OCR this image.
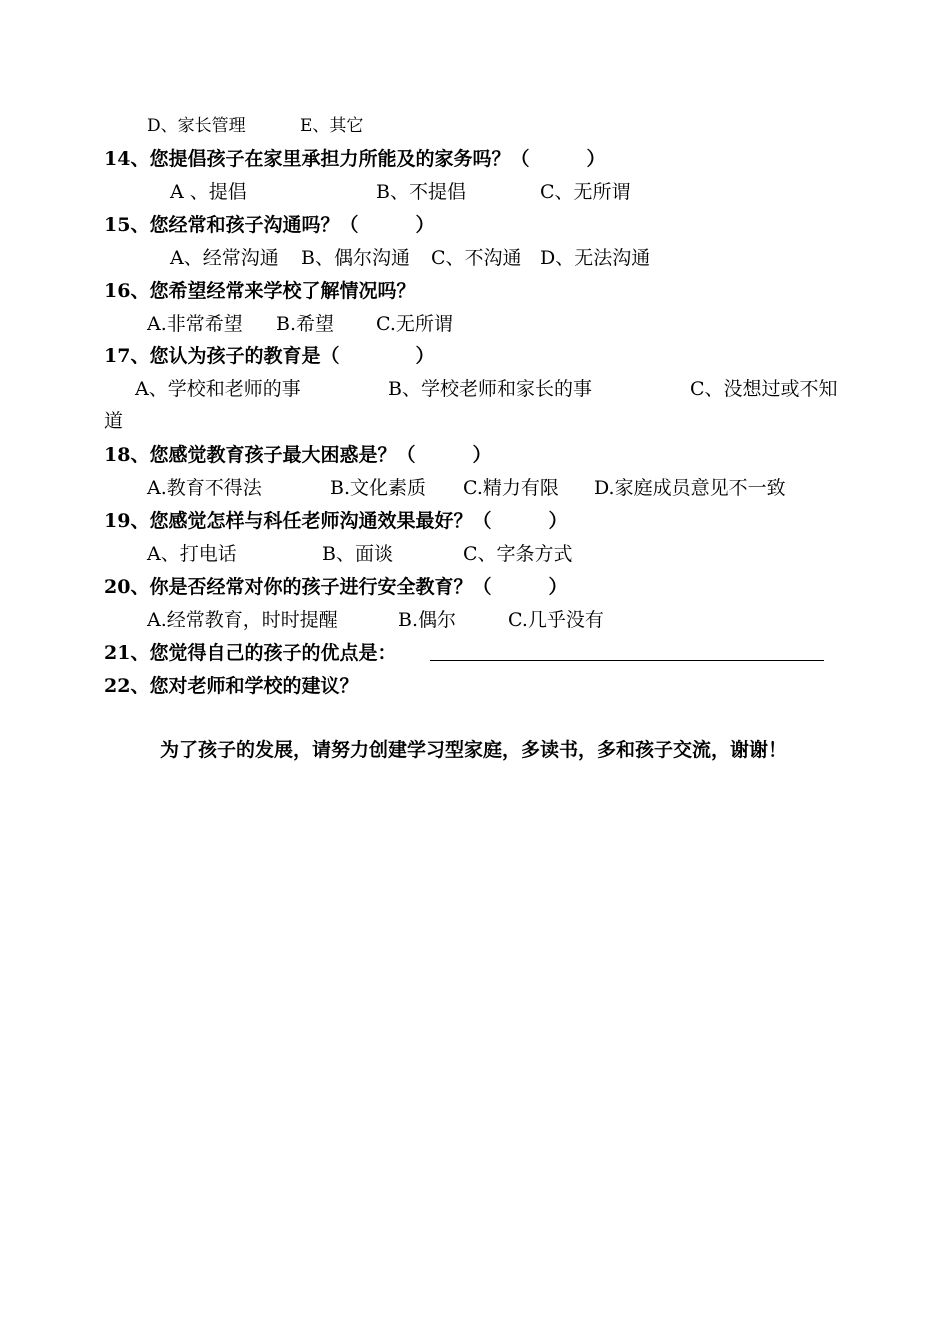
D、家长管理	E、其它
14、您提倡孩子在家里承担力所能及的家务吗？（　　　）
A 、提倡	B、不提倡	C、无所谓
15、您经常和孩子沟通吗？（　　　）
A、经常沟通 B、偶尔沟通 C、不沟通 D、无法沟通
16、您希望经常来学校了解情况吗？
A.非常希望 B.希望 C.无所谓
17、您认为孩子的教育是（　　　　）
A、学校和老师的事	B、学校老师和家长的事	C、没想过或不知
道
18、您感觉教育孩子最大困惑是？（　　　）
A.教育不得法	B.文化素质 C.精力有限 D.家庭成员意见不一致
19、您感觉怎样与科任老师沟通效果最好？（　　　）
A、打电话	B、面谈	C、字条方式
20、你是否经常对你的孩子进行安全教育？（　　　）
A.经常教育，时时提醒	B.偶尔	C.几乎没有
21、您觉得自己的孩子的优点是：
22、您对老师和学校的建议？
为了孩子的发展，请努力创建学习型家庭，多读书，多和孩子交流，谢谢！
